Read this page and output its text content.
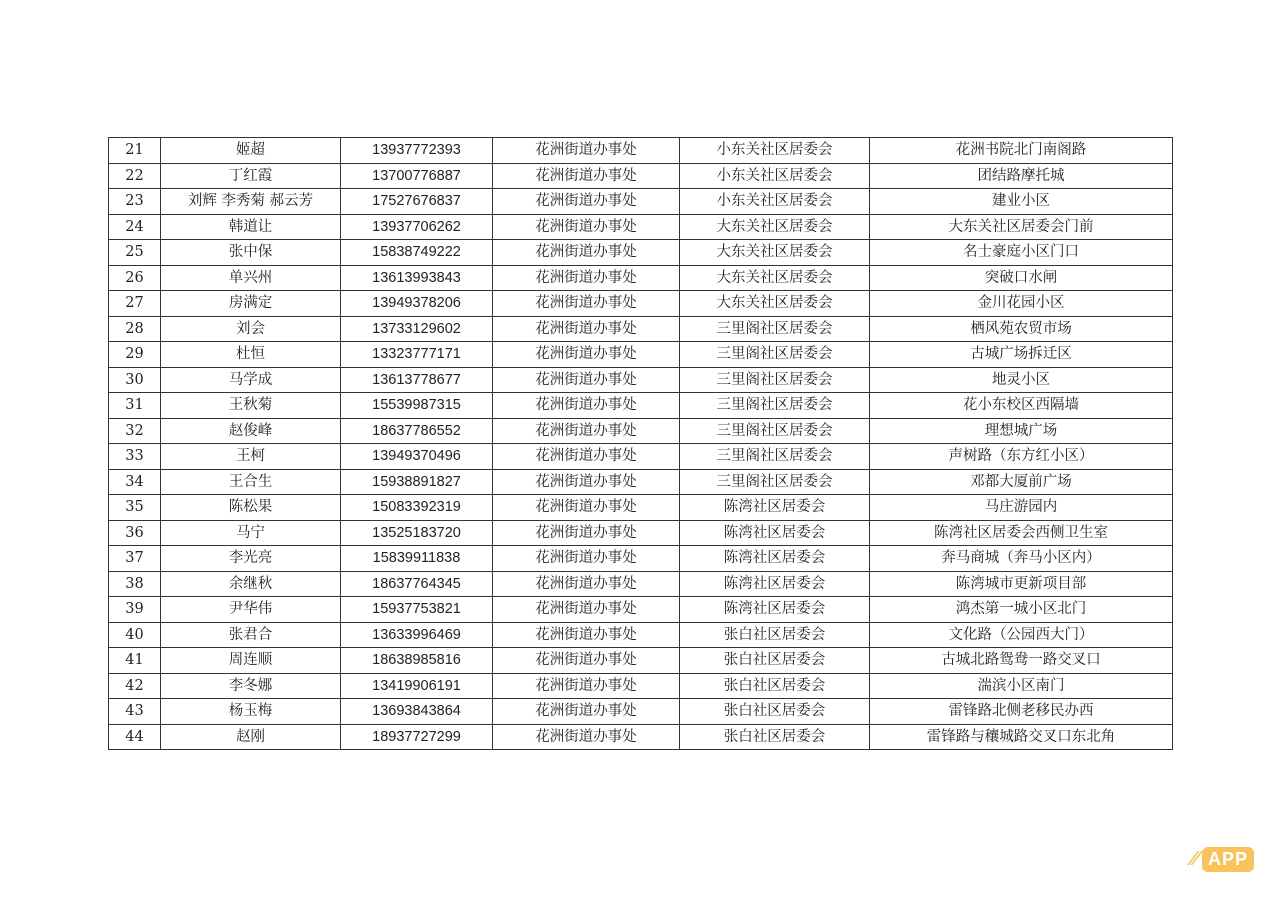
21	姬超	13937772393	花洲街道办事处	小东关社区居委会	花洲书院北门南阁路
22	丁红霞	13700776887	花洲街道办事处	小东关社区居委会	团结路摩托城
23	刘辉 李秀菊 郝云芳	17527676837	花洲街道办事处	小东关社区居委会	建业小区
24	韩道让	13937706262	花洲街道办事处	大东关社区居委会	大东关社区居委会门前
25	张中保	15838749222	花洲街道办事处	大东关社区居委会	名士豪庭小区门口
26	单兴州	13613993843	花洲街道办事处	大东关社区居委会	突破口水闸
27	房满定	13949378206	花洲街道办事处	大东关社区居委会	金川花园小区
28	刘会	13733129602	花洲街道办事处	三里阁社区居委会	栖风苑农贸市场
29	杜恒	13323777171	花洲街道办事处	三里阁社区居委会	古城广场拆迁区
30	马学成	13613778677	花洲街道办事处	三里阁社区居委会	地灵小区
31	王秋菊	15539987315	花洲街道办事处	三里阁社区居委会	花小东校区西隔墙
32	赵俊峰	18637786552	花洲街道办事处	三里阁社区居委会	理想城广场
33	王柯	13949370496	花洲街道办事处	三里阁社区居委会	声树路（东方红小区）
34	王合生	15938891827	花洲街道办事处	三里阁社区居委会	邓都大厦前广场
35	陈松果	15083392319	花洲街道办事处	陈湾社区居委会	马庄游园内
36	马宁	13525183720	花洲街道办事处	陈湾社区居委会	陈湾社区居委会西侧卫生室
37	李光亮	15839911838	花洲街道办事处	陈湾社区居委会	奔马商城（奔马小区内）
38	余继秋	18637764345	花洲街道办事处	陈湾社区居委会	陈湾城市更新项目部
39	尹华伟	15937753821	花洲街道办事处	陈湾社区居委会	鸿杰第一城小区北门
40	张君合	13633996469	花洲街道办事处	张白社区居委会	文化路（公园西大门）
41	周连顺	18638985816	花洲街道办事处	张白社区居委会	古城北路鸳鸯一路交叉口
42	李冬娜	13419906191	花洲街道办事处	张白社区居委会	湍滨小区南门
43	杨玉梅	13693843864	花洲街道办事处	张白社区居委会	雷锋路北侧老移民办西
44	赵刚	18937727299	花洲街道办事处	张白社区居委会	雷锋路与穰城路交叉口东北角
⁄⁄ APP
